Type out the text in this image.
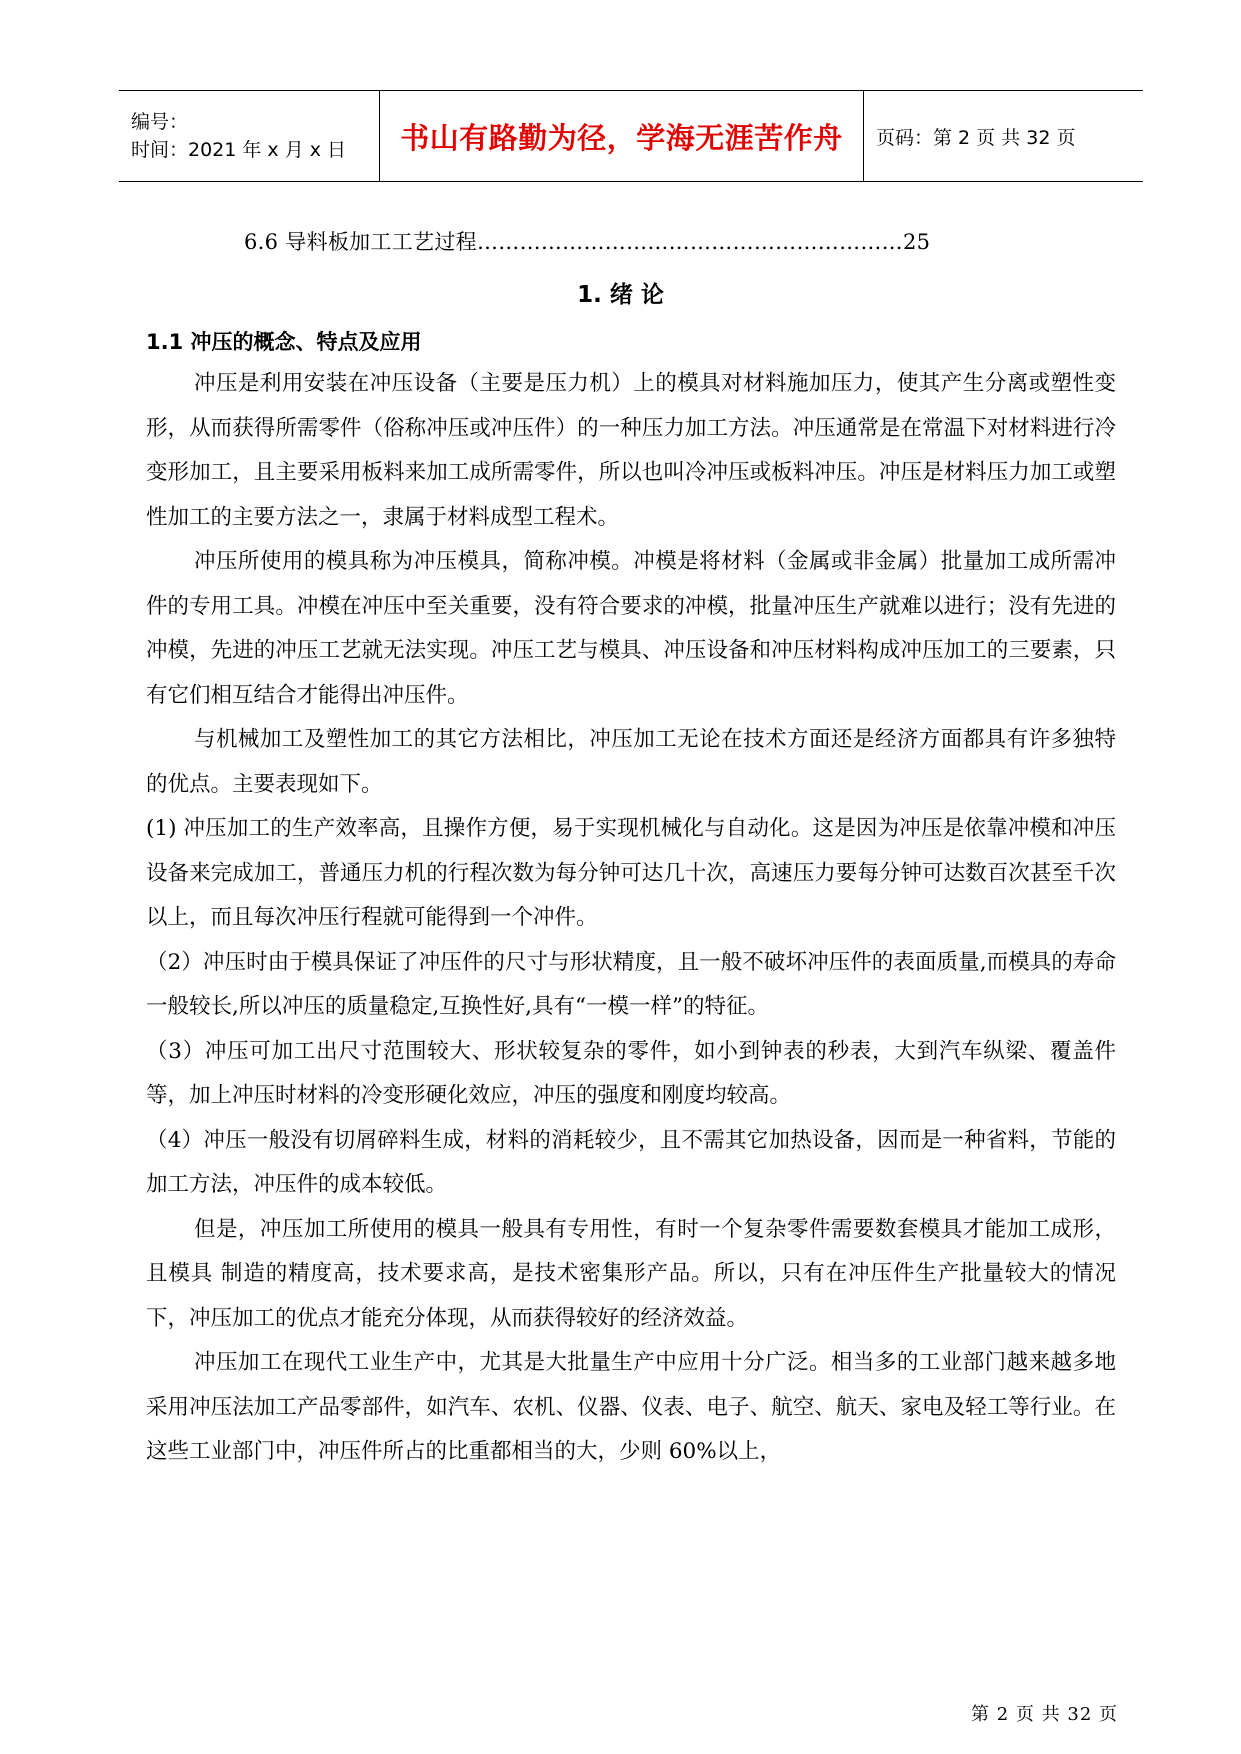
编号：
时间：2021 年 x 月 x 日	书山有路勤为径，学海无涯苦作舟 页码：第 2 页 共 32 页
6.6 导料板加工工艺过程……………………………………………………25
1. 绪 论
1.1 冲压的概念、特点及应用

冲压是利用安装在冲压设备（主要是压力机）上的模具对材料施加压力，使其产生分离或塑性变形，从而获得所需零件（俗称冲压或冲压件）的一种压力加工方法。冲压通常是在常温下对材料进行冷变形加工，且主要采用板料来加工成所需零件，所以也叫冷冲压或板料冲压。冲压是材料压力加工或塑性加工的主要方法之一，隶属于材料成型工程术。

冲压所使用的模具称为冲压模具，简称冲模。冲模是将材料（金属或非金属）批量加工成所需冲件的专用工具。冲模在冲压中至关重要，没有符合要求的冲模，批量冲压生产就难以进行；没有先进的冲模，先进的冲压工艺就无法实现。冲压工艺与模具、冲压设备和冲压材料构成冲压加工的三要素，只有它们相互结合才能得出冲压件。

与机械加工及塑性加工的其它方法相比，冲压加工无论在技术方面还是经济方面都具有许多独特的优点。主要表现如下。

(1) 冲压加工的生产效率高，且操作方便，易于实现机械化与自动化。这是因为冲压是依靠冲模和冲压设备来完成加工，普通压力机的行程次数为每分钟可达几十次，高速压力要每分钟可达数百次甚至千次以上，而且每次冲压行程就可能得到一个冲件。

（2）冲压时由于模具保证了冲压件的尺寸与形状精度，且一般不破坏冲压件的表面质量,而模具的寿命一般较长,所以冲压的质量稳定,互换性好,具有“一模一样”的特征。

（3）冲压可加工出尺寸范围较大、形状较复杂的零件，如小到钟表的秒表，大到汽车纵梁、覆盖件等，加上冲压时材料的冷变形硬化效应，冲压的强度和刚度均较高。

（4）冲压一般没有切屑碎料生成，材料的消耗较少，且不需其它加热设备，因而是一种省料，节能的加工方法，冲压件的成本较低。

但是，冲压加工所使用的模具一般具有专用性，有时一个复杂零件需要数套模具才能加工成形，且模具 制造的精度高，技术要求高，是技术密集形产品。所以，只有在冲压件生产批量较大的情况下，冲压加工的优点才能充分体现，从而获得较好的经济效益。

冲压加工在现代工业生产中，尤其是大批量生产中应用十分广泛。相当多的工业部门越来越多地采用冲压法加工产品零部件，如汽车、农机、仪器、仪表、电子、航空、航天、家电及轻工等行业。在这些工业部门中，冲压件所占的比重都相当的大，少则 60%以上，

第 2 页 共 32 页
